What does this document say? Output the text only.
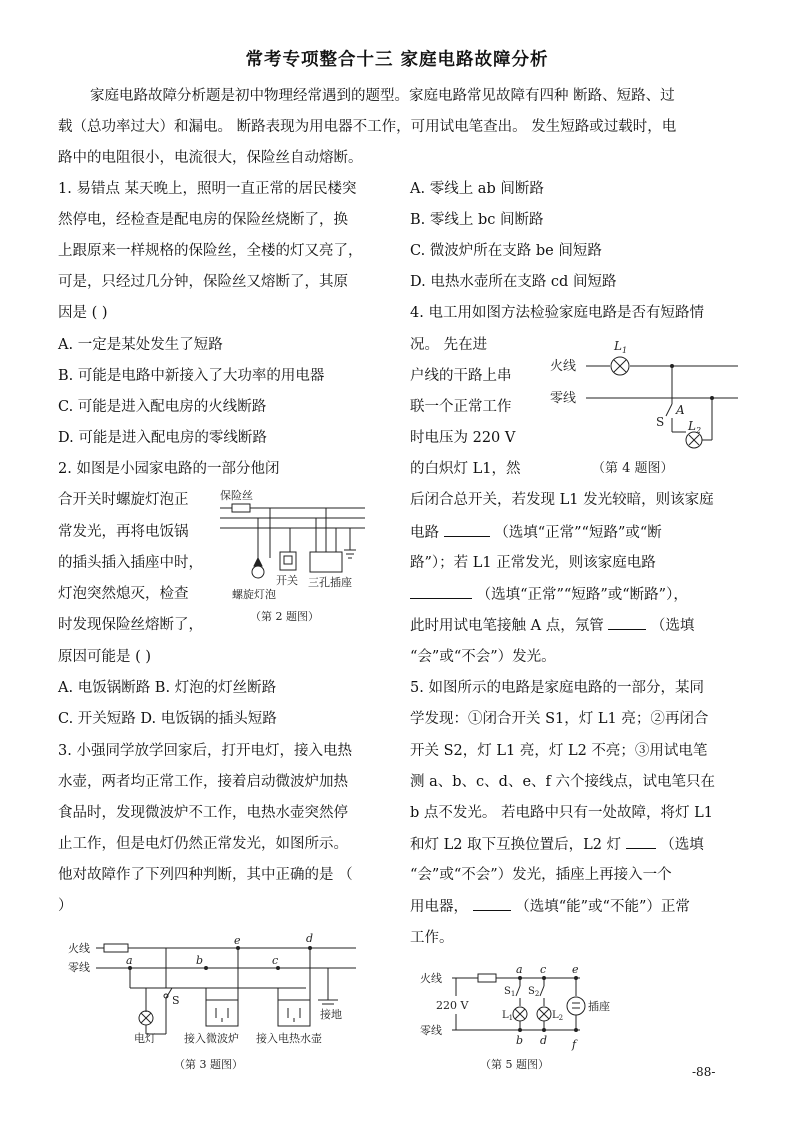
常考专项整合十三 家庭电路故障分析
家庭电路故障分析题是初中物理经常遇到的题型。家庭电路常见故障有四种 断路、短路、过
载（总功率过大）和漏电。 断路表现为用电器不工作，可用试电笔查出。 发生短路或过载时，电
路中的电阻很小，电流很大，保险丝自动熔断。
1. 易错点 某天晚上，照明一直正常的居民楼突
然停电，经检查是配电房的保险丝烧断了，换
上跟原来一样规格的保险丝，全楼的灯又亮了，
可是，只经过几分钟，保险丝又熔断了，其原
因是 ( )
A. 一定是某处发生了短路
B. 可能是电路中新接入了大功率的用电器
C. 可能是进入配电房的火线断路
D. 可能是进入配电房的零线断路
2. 如图是小园家电路的一部分他闭
合开关时螺旋灯泡正
常发光，再将电饭锅
的插头插入插座中时，
灯泡突然熄灭，检查
时发现保险丝熔断了，
原因可能是 ( )
A. 电饭锅断路 B. 灯泡的灯丝断路
C. 开关短路 D. 电饭锅的插头短路
保险丝
开关 三孔插座
螺旋灯泡
（第 2 题图）
3. 小强同学放学回家后，打开电灯，接入电热
水壶，两者均正常工作，接着启动微波炉加热
食品时，发现微波炉不工作，电热水壶突然停
止工作，但是电灯仍然正常发光，如图所示。
他对故障作了下列四种判断，其中正确的是 （
）
火线
零线
a	b	c
d
e
S
接地
电灯	接入微波炉 接入电热水壶
（第 3 题图）
A. 零线上 ab 间断路
B. 零线上 bc 间断路
C. 微波炉所在支路 be 间短路
D. 电热水壶所在支路 cd 间短路
4. 电工用如图方法检验家庭电路是否有短路情
况。 先在进
户线的干路上串
联一个正常工作
时电压为 220 V
的白炽灯 L1，然
后闭合总开关，若发现 L1 发光较暗，则该家庭
电路	（选填“正常”“短路”或“断
路”）；若 L1 正常发光，则该家庭电路
（选填“正常”“短路”或“断路”），
此时用试电笔接触 A 点，氖管	（选填
“会”或“不会”）发光。
火线
零线
$L_1$
S
A
$L_2$
（第 4 题图）
5. 如图所示的电路是家庭电路的一部分，某同
学发现：①闭合开关 S1，灯 L1 亮；②再闭合
开关 S2，灯 L1 亮，灯 L2 不亮；③用试电笔
测 a、b、c、d、e、f 六个接线点，试电笔只在
b 点不发光。 若电路中只有一处故障，将灯 L1
和灯 L2 取下互换位置后，L2 灯	（选填
“会”或“不会”）发光，插座上再接入一个
用电器，	（选填“能”或“不能”）正常
工作。
火线
零线
220 V	插座
a c e
b d f
$S_1$ $S_2$
$L_1$	$L_2$
（第 5 题图）
-88-
